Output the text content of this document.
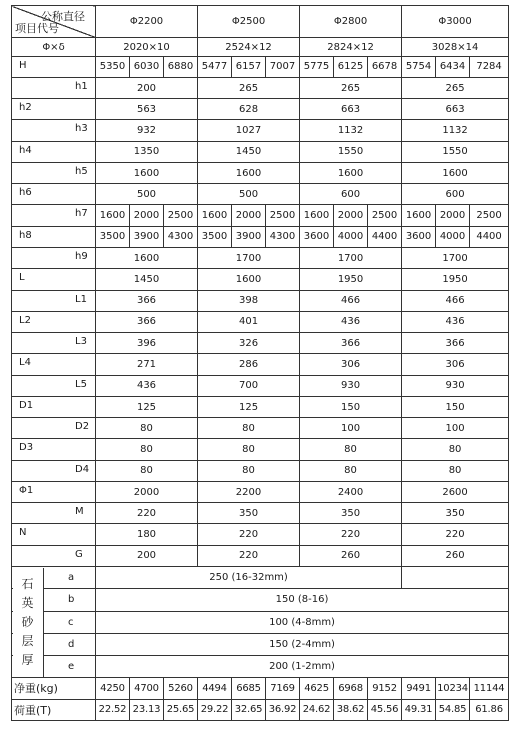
公称直径
项目代号	Φ2200			Φ2500			Φ2800			Φ3000		
Φ×δ	2020×10			2524×12			2824×12			3028×14		

H	5350	6030	6880	5477	6157	7007	5775	6125	6678	5754	6434	7284

h1	200			265			265			265		

h2	563			628			663			663		

h3	932			1027			1132			1132		

h4	1350			1450			1550			1550		

h5	1600			1600			1600			1600		

h6	500			500			600			600		

h7	1600	2000	2500	1600	2000	2500	1600	2000	2500	1600	2000	2500

h8	3500	3900	4300	3500	3900	4300	3600	4000	4400	3600	4000	4400

h9	1600			1700			1700			1700		

L	1450			1600			1950			1950		

L1	366			398			466			466		

L2	366			401			436			436		

L3	396			326			366			366		

L4	271			286			306			306		

L5	436			700			930			930		

D1	125			125			150			150		

D2	80			80			100			100		

D3	80			80			80			80		

D4	80			80			80			80		

Φ1	2000			2200			2400			2600		

M	220			350			350			350		

N	180			220			220			220		

G	200			220			260			260		

a	250 (16-32mm)											

b	150 (8-16)											

c	100 (4-8mm)											

d	150 (2-4mm)											

e	200 (1-2mm)											
净重(kg)	4250	4700	5260	4494	6685	7169	4625	6968	9152	9491	10234	11144
荷重(T)	22.52	23.13	25.65	29.22	32.65	36.92	24.62	38.62	45.56	49.31	54.85	61.86
石
英
砂
层
厚
